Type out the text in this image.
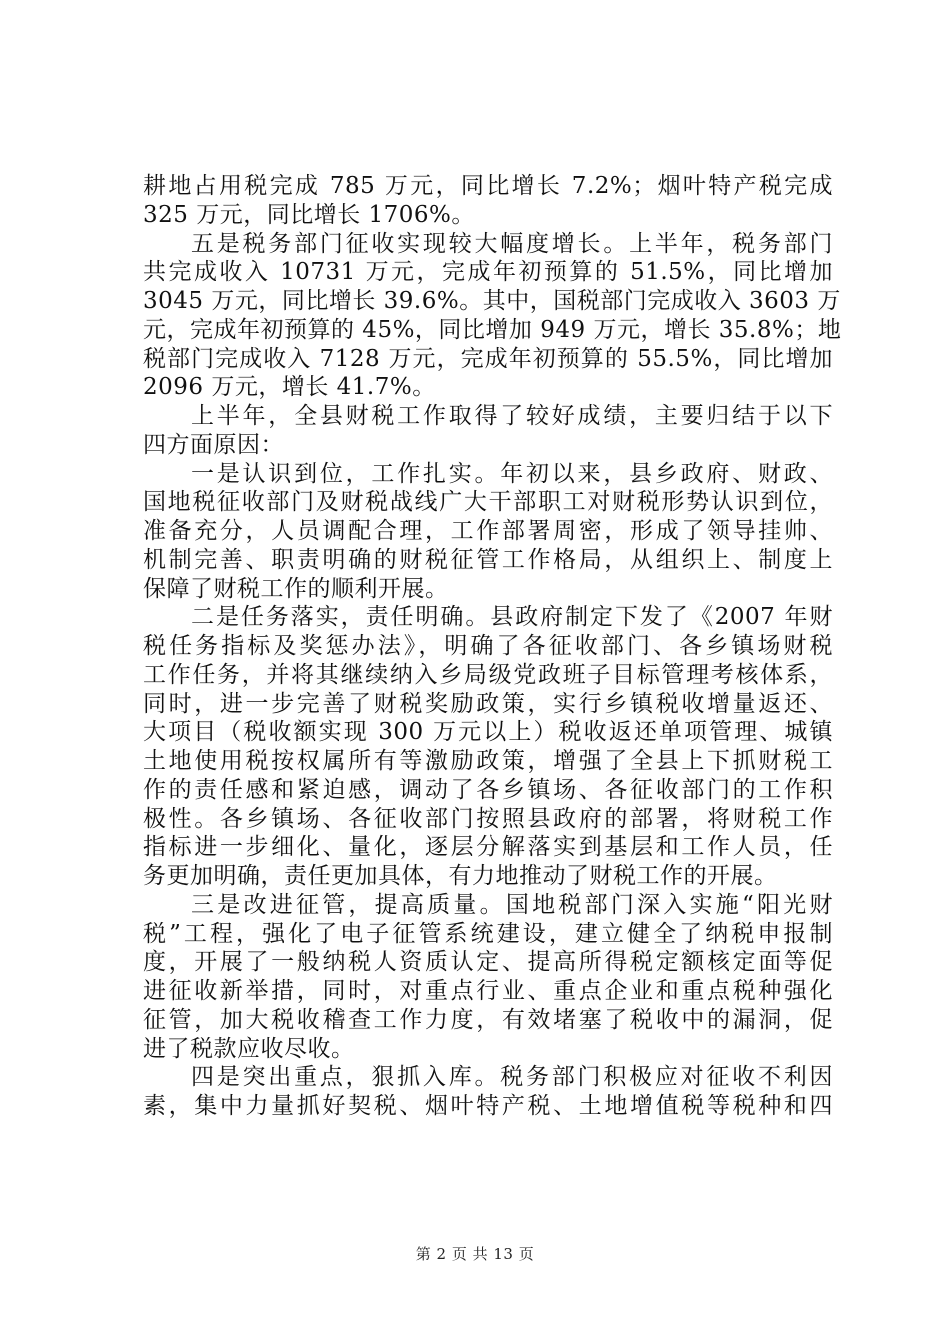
耕地占用税完成 785 万元，同比增长 7.2%；烟叶特产税完成
325 万元，同比增长 1706%。
五是税务部门征收实现较大幅度增长。上半年，税务部门
共完成收入 10731 万元，完成年初预算的 51.5%，同比增加
3045 万元，同比增长 39.6%。其中，国税部门完成收入 3603 万
元，完成年初预算的 45%，同比增加 949 万元，增长 35.8%；地
税部门完成收入 7128 万元，完成年初预算的 55.5%，同比增加
2096 万元，增长 41.7%。
上半年，全县财税工作取得了较好成绩，主要归结于以下
四方面原因：
一是认识到位，工作扎实。年初以来，县乡政府、财政、
国地税征收部门及财税战线广大干部职工对财税形势认识到位，
准备充分，人员调配合理，工作部署周密，形成了领导挂帅、
机制完善、职责明确的财税征管工作格局，从组织上、制度上
保障了财税工作的顺利开展。
二是任务落实，责任明确。县政府制定下发了《2007 年财
税任务指标及奖惩办法》，明确了各征收部门、各乡镇场财税
工作任务，并将其继续纳入乡局级党政班子目标管理考核体系，
同时，进一步完善了财税奖励政策，实行乡镇税收增量返还、
大项目（税收额实现 300 万元以上）税收返还单项管理、城镇
土地使用税按权属所有等激励政策，增强了全县上下抓财税工
作的责任感和紧迫感，调动了各乡镇场、各征收部门的工作积
极性。各乡镇场、各征收部门按照县政府的部署，将财税工作
指标进一步细化、量化，逐层分解落实到基层和工作人员，任
务更加明确，责任更加具体，有力地推动了财税工作的开展。
三是改进征管，提高质量。国地税部门深入实施“阳光财
税”工程，强化了电子征管系统建设，建立健全了纳税申报制
度，开展了一般纳税人资质认定、提高所得税定额核定面等促
进征收新举措，同时，对重点行业、重点企业和重点税种强化
征管，加大税收稽查工作力度，有效堵塞了税收中的漏洞，促
进了税款应收尽收。
四是突出重点，狠抓入库。税务部门积极应对征收不利因
素，集中力量抓好契税、烟叶特产税、土地增值税等税种和四
第 2 页 共 13 页
